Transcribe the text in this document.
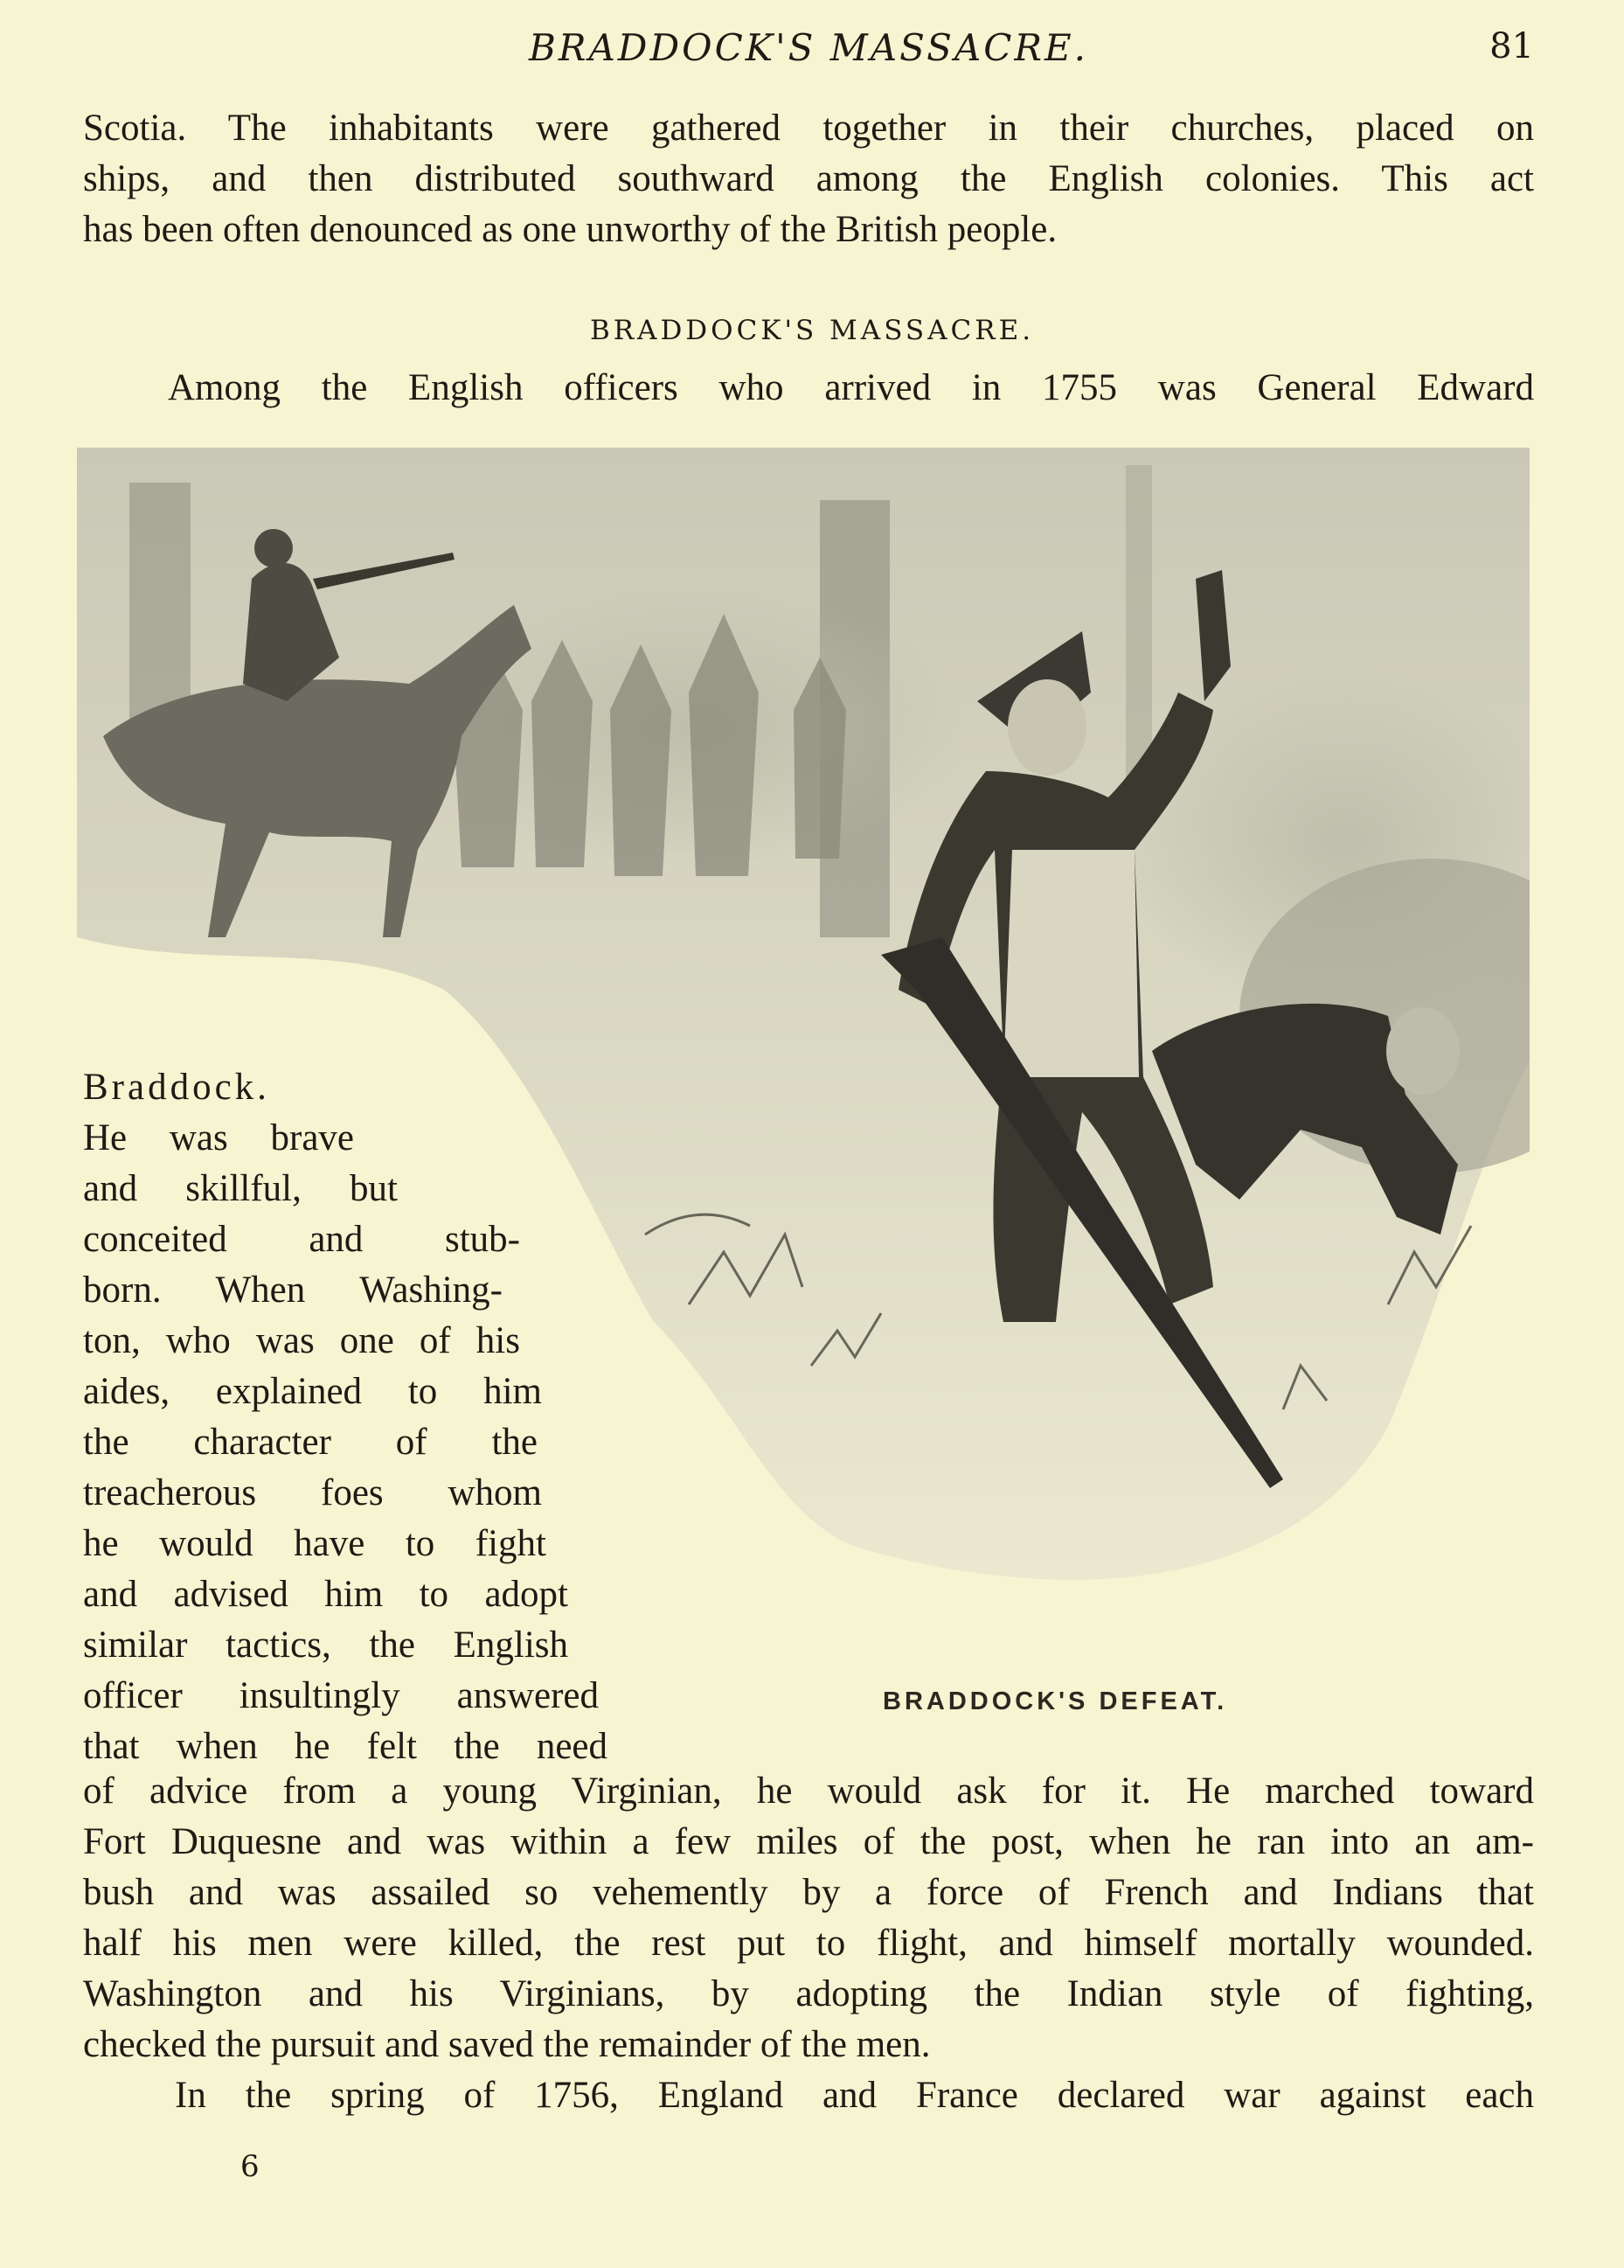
BRADDOCK'S MASSACRE.	81
Scotia. The inhabitants were gathered together in their churches, placed on
ships, and then distributed southward among the English colonies. This act
has been often denounced as one unworthy of the British people.
BRADDOCK'S MASSACRE.
Among the English officers who arrived in 1755 was General Edward
Braddock.
He was brave
and skillful, but
conceited and stub-
born. When Washing-
ton, who was one of his
aides, explained to him
the character of the
treacherous foes whom
he would have to fight
and advised him to adopt
similar tactics, the English
officer insultingly answered
that when he felt the need
BRADDOCK'S DEFEAT.
of advice from a young Virginian, he would ask for it. He marched toward
Fort Duquesne and was within a few miles of the post, when he ran into an am-
bush and was assailed so vehemently by a force of French and Indians that
half his men were killed, the rest put to flight, and himself mortally wounded.
Washington and his Virginians, by adopting the Indian style of fighting,
checked the pursuit and saved the remainder of the men.
In the spring of 1756, England and France declared war against each
6
